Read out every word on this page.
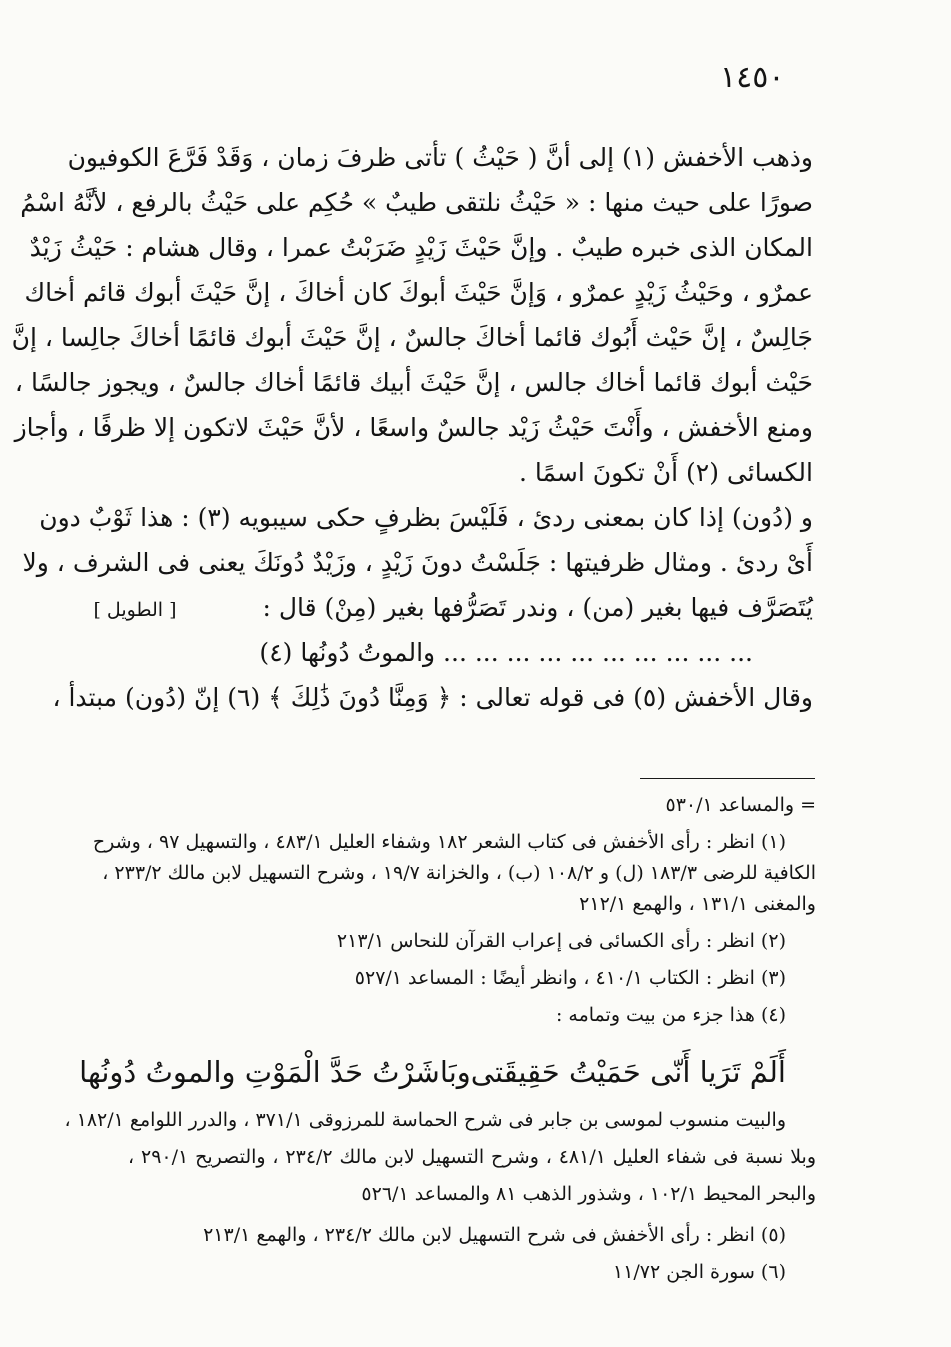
١٤٥٠
وذهب الأخفش (١) إلى أنَّ ( حَيْثُ ) تأتى ظرفَ زمان ، وَقَدْ فَرَّعَ الكوفيون
صورًا على حيث منها : « حَيْثُ نلتقى طيبٌ » حُكِم على حَيْثُ بالرفع ، لأنَّهُ اسْمُ
المكان الذى خبره طيبٌ . وإنَّ حَيْثَ زَيْدٍ ضَرَبْتُ عمرا ، وقال هشام : حَيْثُ زَيْدٌ
عمرٌو ، وحَيْثُ زَيْدٍ عمرٌو ، وَإنَّ حَيْثَ أبوكَ كان أخاكَ ، إنَّ حَيْثَ أبوك قائم أخاك
جَالِسٌ ، إنَّ حَيْث أَبُوك قائما أخاكَ جالسٌ ، إنَّ حَيْثَ أبوك قائمًا أخاكَ جالِسا ، إنَّ
حَيْث أبوك قائما أخاك جالس ، إنَّ حَيْثَ أبيك قائمًا أخاك جالسٌ ، ويجوز جالسًا ،
ومنع الأخفش ، وأَنْتَ حَيْثُ زَيْد جالسٌ واسعًا ، لأنَّ حَيْثَ لاتكون إلا ظرفًا ، وأجاز
الكسائى (٢) أَنْ تكونَ اسمًا .
و (دُون) إذا كان بمعنى ردئ ، فَلَيْسَ بظرفٍ حكى سيبويه (٣) : هذا ثَوْبٌ دون
أَىْ ردئ . ومثال ظرفيتها : جَلَسْتُ دونَ زَيْدٍ ، وزَيْدٌ دُونَكَ يعنى فى الشرف ، ولا
يُتَصَرَّف فيها بغير (من) ، وندر تَصَرُّفها بغير (مِنْ) قال :  [ الطويل ]
... ... ... ... ... ... ... ... ... ... والموتُ دُونُها (٤)
وقال الأخفش (٥) فى قوله تعالى : ﴿ وَمِنَّا دُونَ ذَٰلِكَ ﴾ (٦) إنّ (دُون) مبتدأ ،
= والمساعد ٥٣٠/١
(١) انظر : رأى الأخفش فى كتاب الشعر ١٨٢ وشفاء العليل ٤٨٣/١ ، والتسهيل ٩٧ ، وشرح
الكافية للرضى ١٨٣/٣ (ل) و ١٠٨/٢ (ب) ، والخزانة ١٩/٧ ، وشرح التسهيل لابن مالك ٢٣٣/٢ ،
والمغنى ١٣١/١ ، والهمع ٢١٢/١
(٢) انظر : رأى الكسائى فى إعراب القرآن للنحاس ٢١٣/١
(٣) انظر : الكتاب ٤١٠/١ ، وانظر أيضًا : المساعد ٥٢٧/١
(٤) هذا جزء من بيت وتمامه :
أَلَمْ تَرَيا أَنّى حَمَيْتُ حَقِيقَتى
وبَاشَرْتُ حَدَّ الْمَوْتِ والموتُ دُونُها
والبيت منسوب لموسى بن جابر فى شرح الحماسة للمرزوقى ٣٧١/١ ، والدرر اللوامع ١٨٢/١ ،
وبلا نسبة فى شفاء العليل ٤٨١/١ ، وشرح التسهيل لابن مالك ٢٣٤/٢ ، والتصريح ٢٩٠/١ ،
والبحر المحيط ١٠٢/١ ، وشذور الذهب ٨١ والمساعد ٥٢٦/١
(٥) انظر : رأى الأخفش فى شرح التسهيل لابن مالك ٢٣٤/٢ ، والهمع ٢١٣/١
(٦) سورة الجن ١١/٧٢
